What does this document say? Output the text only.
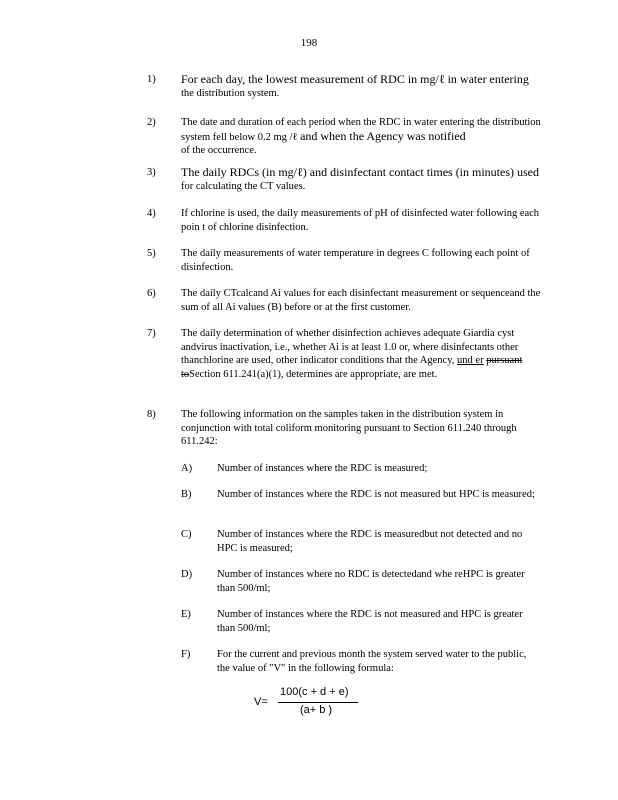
198
1) For each day, the lowest measurement of RDC in mg/ℓ in water entering
the distribution system.
2) The date and duration of each period when the RDC in water entering the distribution system fell below 0.2 mg /ℓ and when the Agency was notified
of the occurrence.
3) The daily RDCs (in mg/ℓ) and disinfectant contact times (in minutes) used
for calculating the CT values.
4) If chlorine is used, the daily measurements of pH of disinfected water following each poin t of chlorine disinfection.
5) The daily measurements of water temperature in degrees C following each point of disinfection.
6) The daily CTcalcand Ai values for each disinfectant measurement or sequenceand the sum of all Ai values (B) before or at the first customer.
7) The daily determination of whether disinfection achieves adequate Giardia cyst andvirus inactivation, i.e., whether Ai is at least 1.0 or, where disinfectants other thanchlorine are used, other indicator conditions that the Agency, und er pursuant toSection 611.241(a)(1), determines are appropriate, are met.
8) The following information on the samples taken in the distribution system in conjunction with total coliform monitoring pursuant to Section 611.240 through 611.242:
A) Number of instances where the RDC is measured;
B) Number of instances where the RDC is not measured but HPC is measured;
C) Number of instances where the RDC is measuredbut not detected and no HPC is measured;
D) Number of instances where no RDC is detectedand whe reHPC is greater than 500/ml;
E) Number of instances where the RDC is not measured and HPC is greater than 500/ml;
F)	For the current and previous month the system served water to the public, the value of "V" in the following formula:
V=
100(c + d + e)
(a+ b )
